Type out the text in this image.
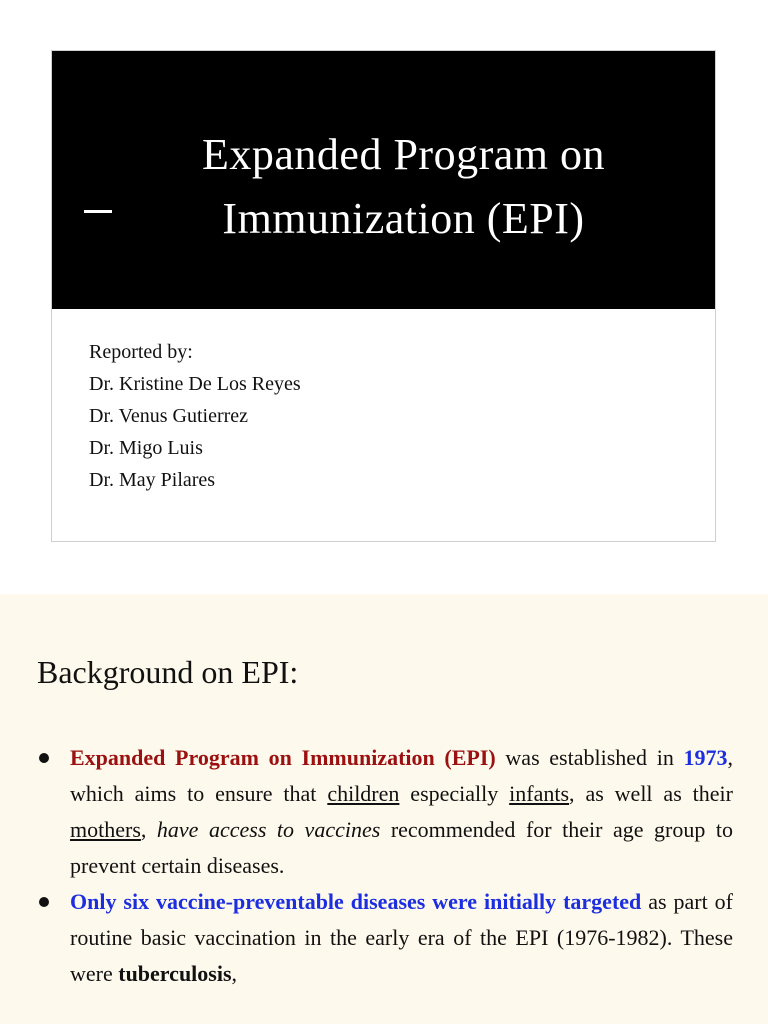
Expanded Program on
Immunization (EPI)
Reported by:
Dr. Kristine De Los Reyes
Dr. Venus Gutierrez
Dr. Migo Luis
Dr. May Pilares
Background on EPI:
Expanded Program on Immunization (EPI) was established in 1973, which aims to ensure that children especially infants, as well as their mothers, have access to vaccines recommended for their age group to prevent certain diseases.
Only six vaccine-preventable diseases were initially targeted as part of routine basic vaccination in the early era of the EPI (1976-1982). These were tuberculosis,
